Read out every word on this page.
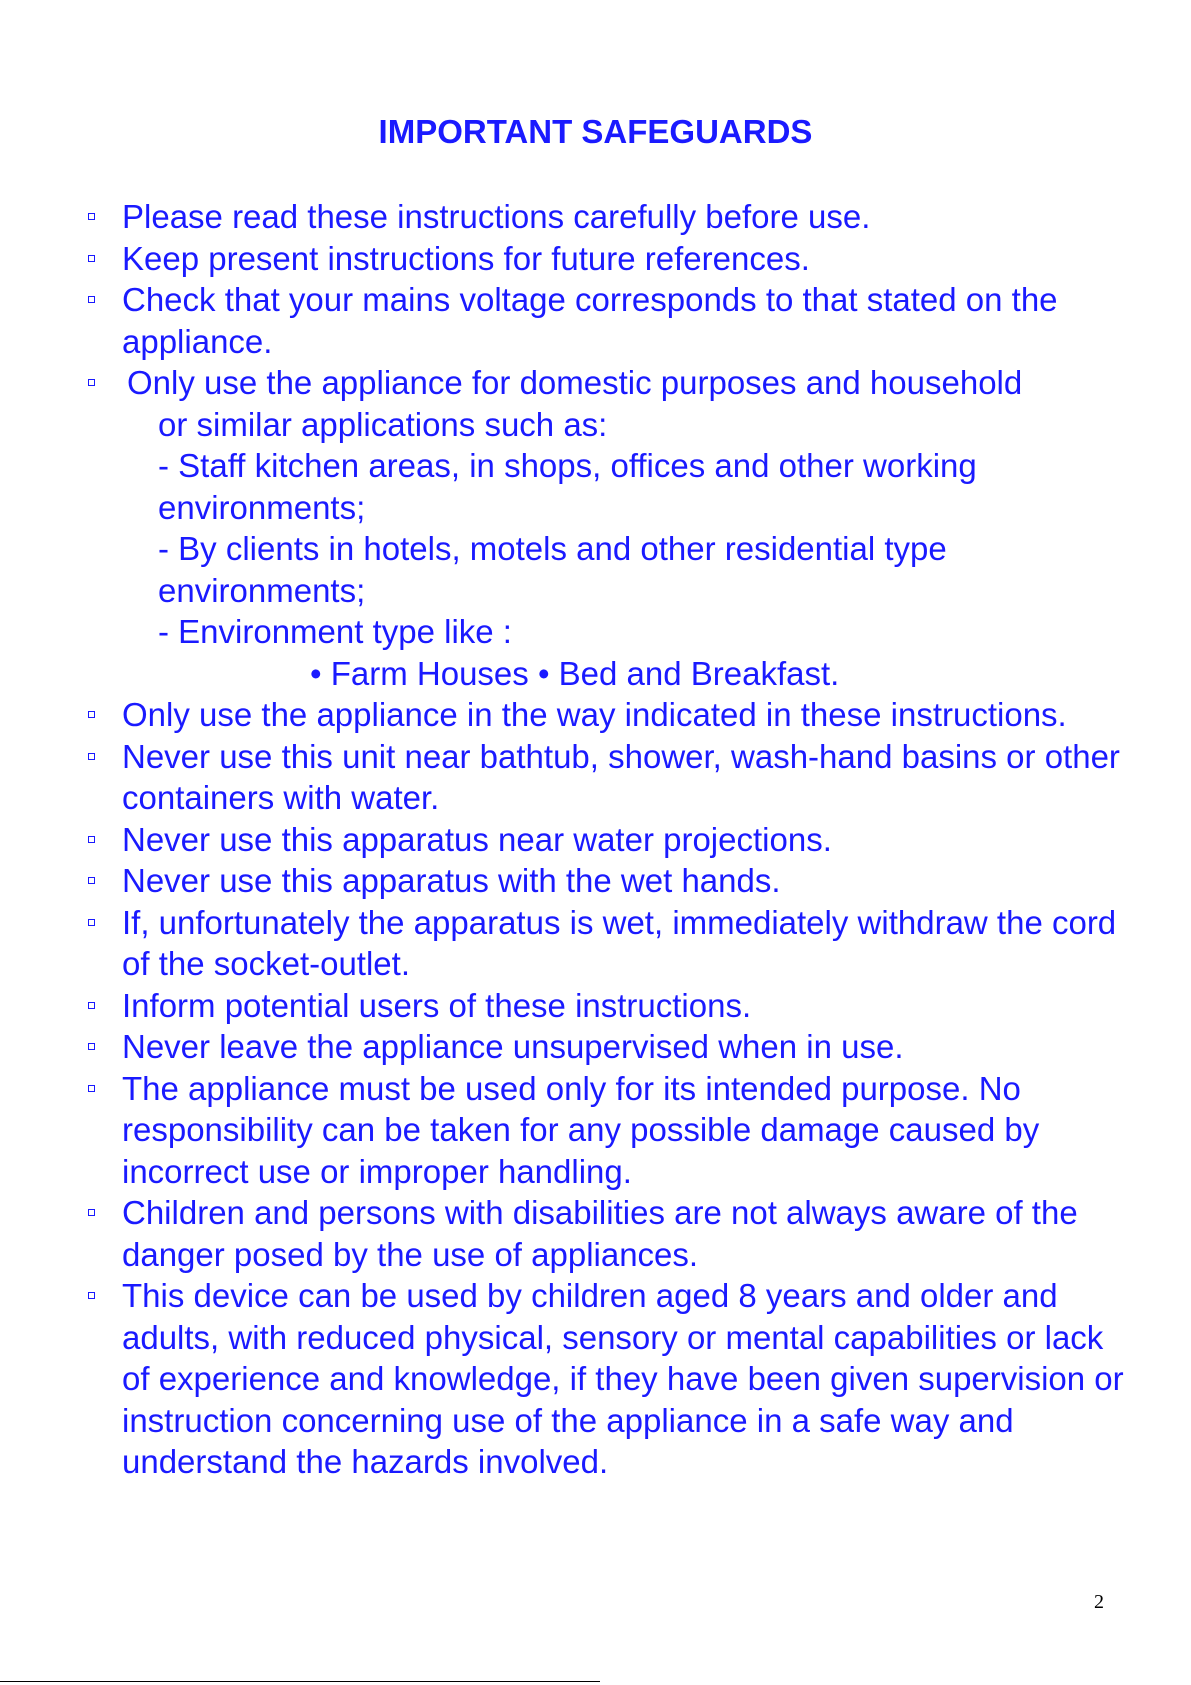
IMPORTANT SAFEGUARDS
Please read these instructions carefully before use.
Keep present instructions for future references.
Check that your mains voltage corresponds to that stated on the appliance.
Only use the appliance for domestic purposes and household
or similar applications such as:
- Staff kitchen areas, in shops, offices and other working environments;
- By clients in hotels, motels and other residential type environments;
- Environment type like :
• Farm Houses • Bed and Breakfast.
Only use the appliance in the way indicated in these instructions.
Never use this unit near bathtub, shower, wash-hand basins or other containers with water.
Never use this apparatus near water projections.
Never use this apparatus with the wet hands.
If, unfortunately the apparatus is wet, immediately withdraw the cord of the socket-outlet.
Inform potential users of these instructions.
Never leave the appliance unsupervised when in use.
The appliance must be used only for its intended purpose. No responsibility can be taken for any possible damage caused by incorrect use or improper handling.
Children and persons with disabilities are not always aware of the danger posed by the use of appliances.
This device can be used by children aged 8 years and older and adults, with reduced physical, sensory or mental capabilities or lack of experience and knowledge, if they have been given supervision or instruction concerning use of the appliance in a safe way and understand the hazards involved.
2
